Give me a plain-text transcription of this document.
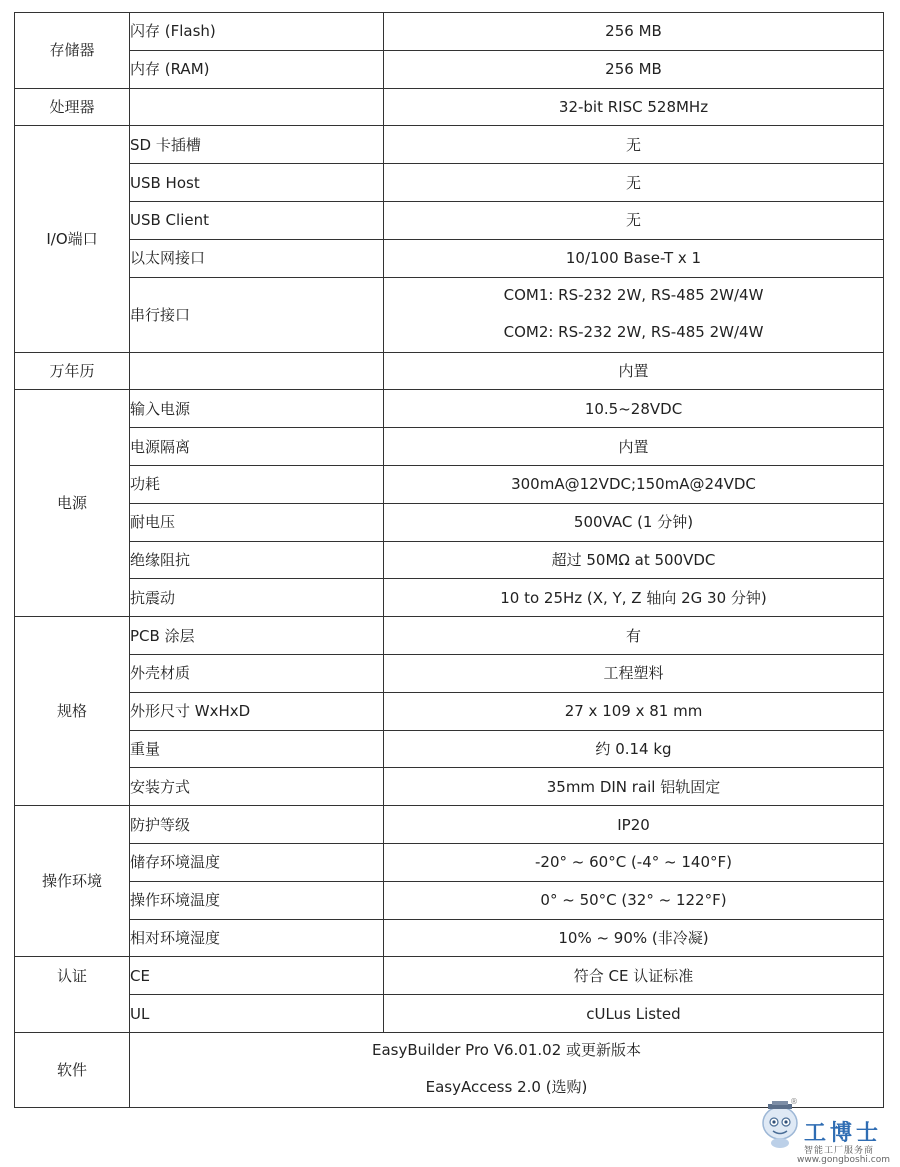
存储器	闪存 (Flash)	256 MB

	内存 (RAM)	256 MB

处理器		32-bit RISC 528MHz

I/O端口	SD 卡插槽	无

	USB Host	无

	USB Client	无

	以太网接口	10/100 Base-T x 1

	串行接口	COM1: RS-232 2W, RS-485 2W/4W
COM2: RS-232 2W, RS-485 2W/4W

万年历		内置

电源	输入电源	10.5~28VDC

	电源隔离	内置

	功耗	300mA@12VDC;150mA@24VDC

	耐电压	500VAC (1 分钟)

	绝缘阻抗	超过 50MΩ at 500VDC

	抗震动	10 to 25Hz (X, Y, Z 轴向 2G 30 分钟)

规格	PCB 涂层	有

	外壳材质	工程塑料

	外形尺寸 WxHxD	27 x 109 x 81 mm

	重量	约 0.14 kg

	安装方式	35mm DIN rail 铝轨固定

操作环境	防护等级	IP20

	储存环境温度	-20° ~ 60°C (-4° ~ 140°F)

	操作环境温度	0° ~ 50°C (32° ~ 122°F)

	相对环境湿度	10% ~ 90% (非冷凝)

认证	CE	符合 CE 认证标准

	UL	cULus Listed

软件	EasyBuilder Pro V6.01.02 或更新版本
EasyAccess 2.0 (选购)	
®
工博士
智能工厂服务商
www.gongboshi.com
